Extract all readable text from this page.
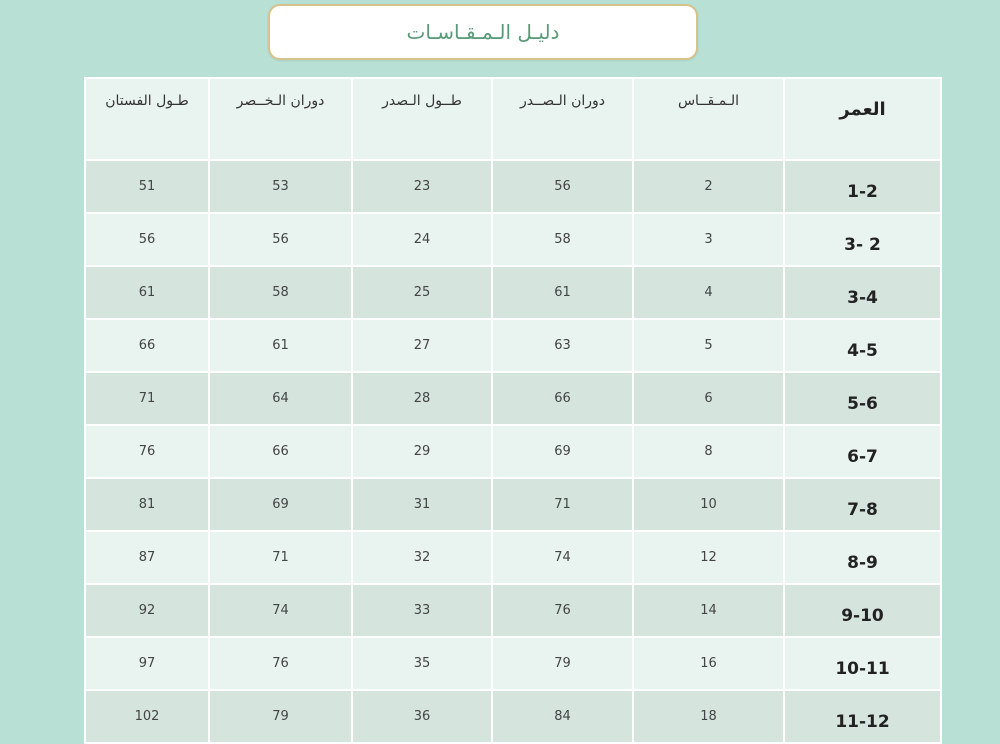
دليـل الـمـقـاسـات
العمر	الـمـقــاس	دوران الـصــدر	طــول الـصدر	دوران الـخــصر	طـول الفستان
1-2	2	56	23	53	51
2 -3	3	58	24	56	56
3-4	4	61	25	58	61
4-5	5	63	27	61	66
5-6	6	66	28	64	71
6-7	8	69	29	66	76
7-8	10	71	31	69	81
8-9	12	74	32	71	87
9-10	14	76	33	74	92
10-11	16	79	35	76	97
11-12	18	84	36	79	102
